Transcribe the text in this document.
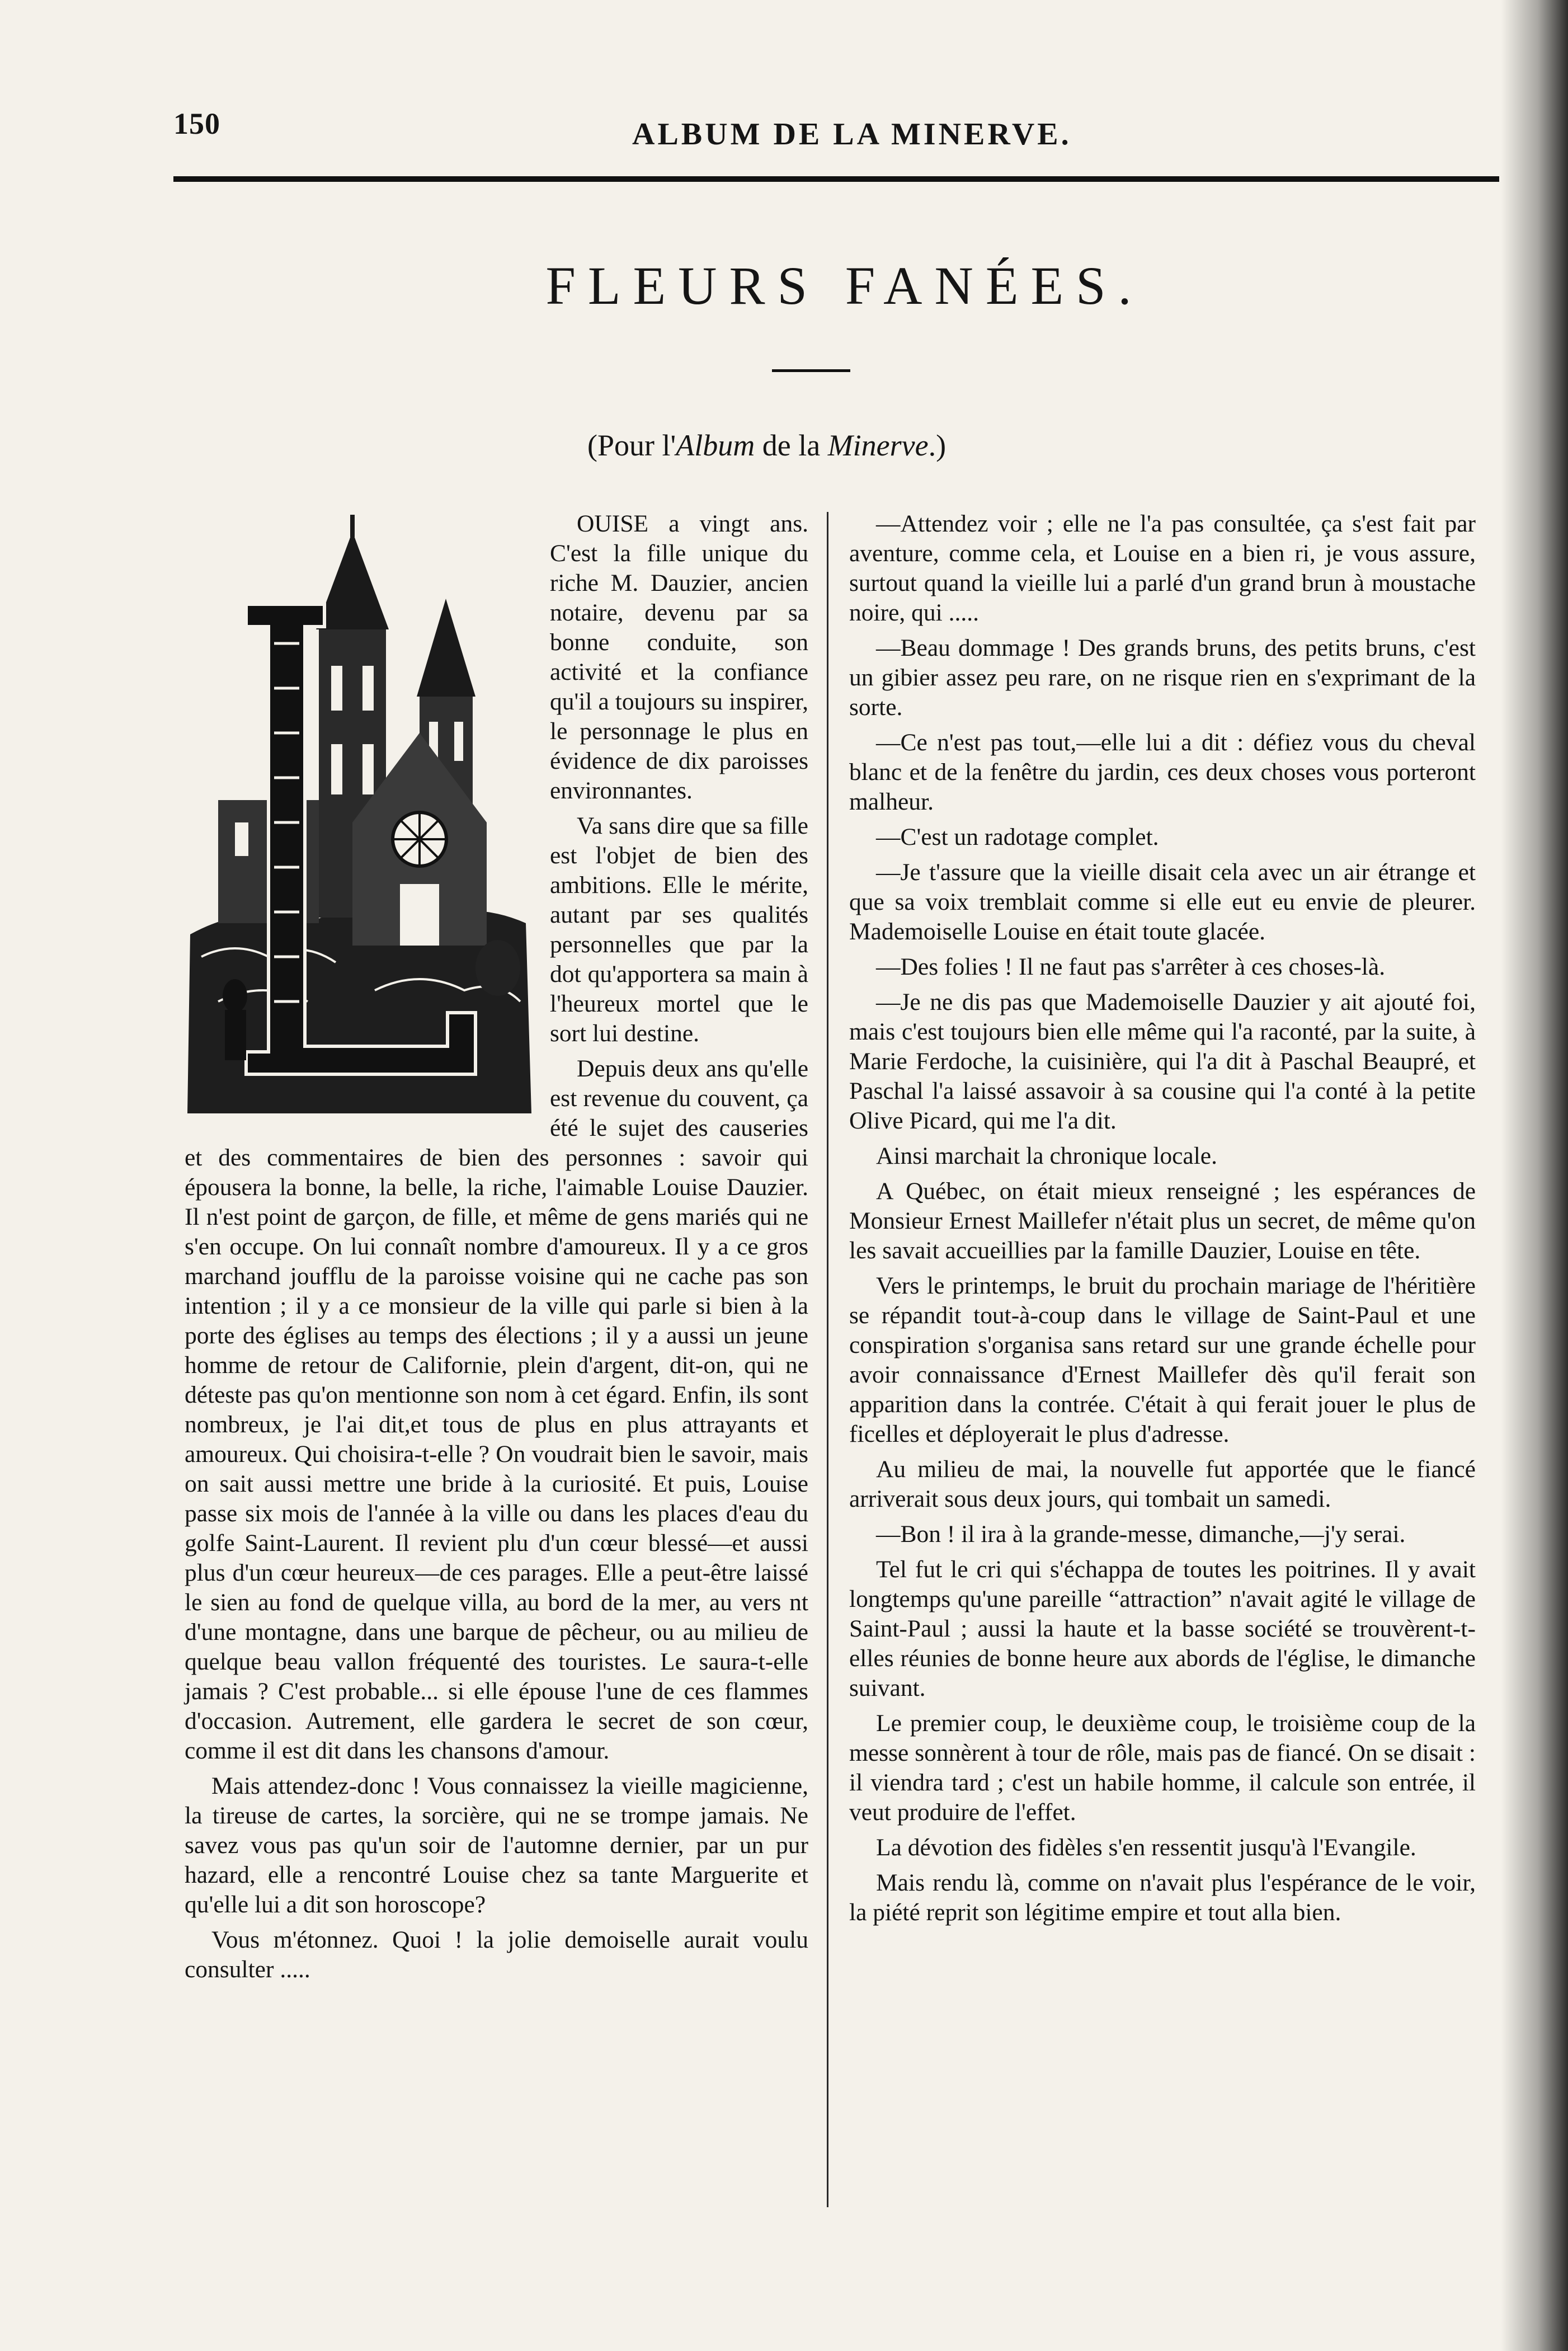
150	ALBUM DE LA MINERVE.
FLEURS FANÉES.
(Pour l'Album de la Minerve.)

OUISE a vingt ans. C'est la fille unique du riche M. Dauzier, ancien notaire, devenu par sa bonne conduite, son activité et la confiance qu'il a toujours su inspirer, le personnage le plus en évidence de dix paroisses environnantes.

Va sans dire que sa fille est l'objet de bien des ambitions. Elle le mérite, autant par ses qualités personnelles que par la dot qu'apportera sa main à l'heureux mortel que le sort lui destine.

Depuis deux ans qu'elle est revenue du couvent, ça été le sujet des causeries et des commentaires de bien des personnes : savoir qui épousera la bonne, la belle, la riche, l'aimable Louise Dauzier. Il n'est point de garçon, de fille, et même de gens mariés qui ne s'en occupe. On lui connaît nombre d'amoureux. Il y a ce gros marchand joufflu de la paroisse voisine qui ne cache pas son intention ; il y a ce monsieur de la ville qui parle si bien à la porte des églises au temps des élections ; il y a aussi un jeune homme de retour de Californie, plein d'argent, dit-on, qui ne déteste pas qu'on mentionne son nom à cet égard. Enfin, ils sont nombreux, je l'ai dit,et tous de plus en plus attrayants et amoureux. Qui choisira-t-elle ? On voudrait bien le savoir, mais on sait aussi mettre une bride à la curiosité. Et puis, Louise passe six mois de l'année à la ville ou dans les places d'eau du golfe Saint-Laurent. Il revient plu d'un cœur blessé—et aussi plus d'un cœur heureux—de ces parages. Elle a peut-être laissé le sien au fond de quelque villa, au bord de la mer, au vers nt d'une montagne, dans une barque de pêcheur, ou au milieu de quelque beau vallon fréquenté des touristes. Le saura-t-elle jamais ? C'est probable... si elle épouse l'une de ces flammes d'occasion. Autrement, elle gardera le secret de son cœur, comme il est dit dans les chansons d'amour.

Mais attendez-donc ! Vous connaissez la vieille magicienne, la tireuse de cartes, la sorcière, qui ne se trompe jamais. Ne savez vous pas qu'un soir de l'automne dernier, par un pur hazard, elle a rencontré Louise chez sa tante Marguerite et qu'elle lui a dit son horoscope?

Vous m'étonnez. Quoi ! la jolie demoiselle aurait voulu consulter .....

—Attendez voir ; elle ne l'a pas consultée, ça s'est fait par aventure, comme cela, et Louise en a bien ri, je vous assure, surtout quand la vieille lui a parlé d'un grand brun à moustache noire, qui .....

—Beau dommage ! Des grands bruns, des petits bruns, c'est un gibier assez peu rare, on ne risque rien en s'exprimant de la sorte.

—Ce n'est pas tout,—elle lui a dit : défiez vous du cheval blanc et de la fenêtre du jardin, ces deux choses vous porteront malheur.

—C'est un radotage complet.

—Je t'assure que la vieille disait cela avec un air étrange et que sa voix tremblait comme si elle eut eu envie de pleurer. Mademoiselle Louise en était toute glacée.

—Des folies ! Il ne faut pas s'arrêter à ces choses-là.

—Je ne dis pas que Mademoiselle Dauzier y ait ajouté foi, mais c'est toujours bien elle même qui l'a raconté, par la suite, à Marie Ferdoche, la cuisinière, qui l'a dit à Paschal Beaupré, et Paschal l'a laissé assavoir à sa cousine qui l'a conté à la petite Olive Picard, qui me l'a dit.

Ainsi marchait la chronique locale.

A Québec, on était mieux renseigné ; les espérances de Monsieur Ernest Maillefer n'était plus un secret, de même qu'on les savait accueillies par la famille Dauzier, Louise en tête.

Vers le printemps, le bruit du prochain mariage de l'héritière se répandit tout-à-coup dans le village de Saint-Paul et une conspiration s'organisa sans retard sur une grande échelle pour avoir connaissance d'Ernest Maillefer dès qu'il ferait son apparition dans la contrée. C'était à qui ferait jouer le plus de ficelles et déployerait le plus d'adresse.

Au milieu de mai, la nouvelle fut apportée que le fiancé arriverait sous deux jours, qui tombait un samedi.

—Bon ! il ira à la grande-messe, dimanche,—j'y serai.

Tel fut le cri qui s'échappa de toutes les poitrines. Il y avait longtemps qu'une pareille “attraction” n'avait agité le village de Saint-Paul ; aussi la haute et la basse société se trouvèrent-t-elles réunies de bonne heure aux abords de l'église, le dimanche suivant.

Le premier coup, le deuxième coup, le troisième coup de la messe sonnèrent à tour de rôle, mais pas de fiancé. On se disait : il viendra tard ; c'est un habile homme, il calcule son entrée, il veut produire de l'effet.

La dévotion des fidèles s'en ressentit jusqu'à l'Evangile.

Mais rendu là, comme on n'avait plus l'espérance de le voir, la piété reprit son légitime empire et tout alla bien.
